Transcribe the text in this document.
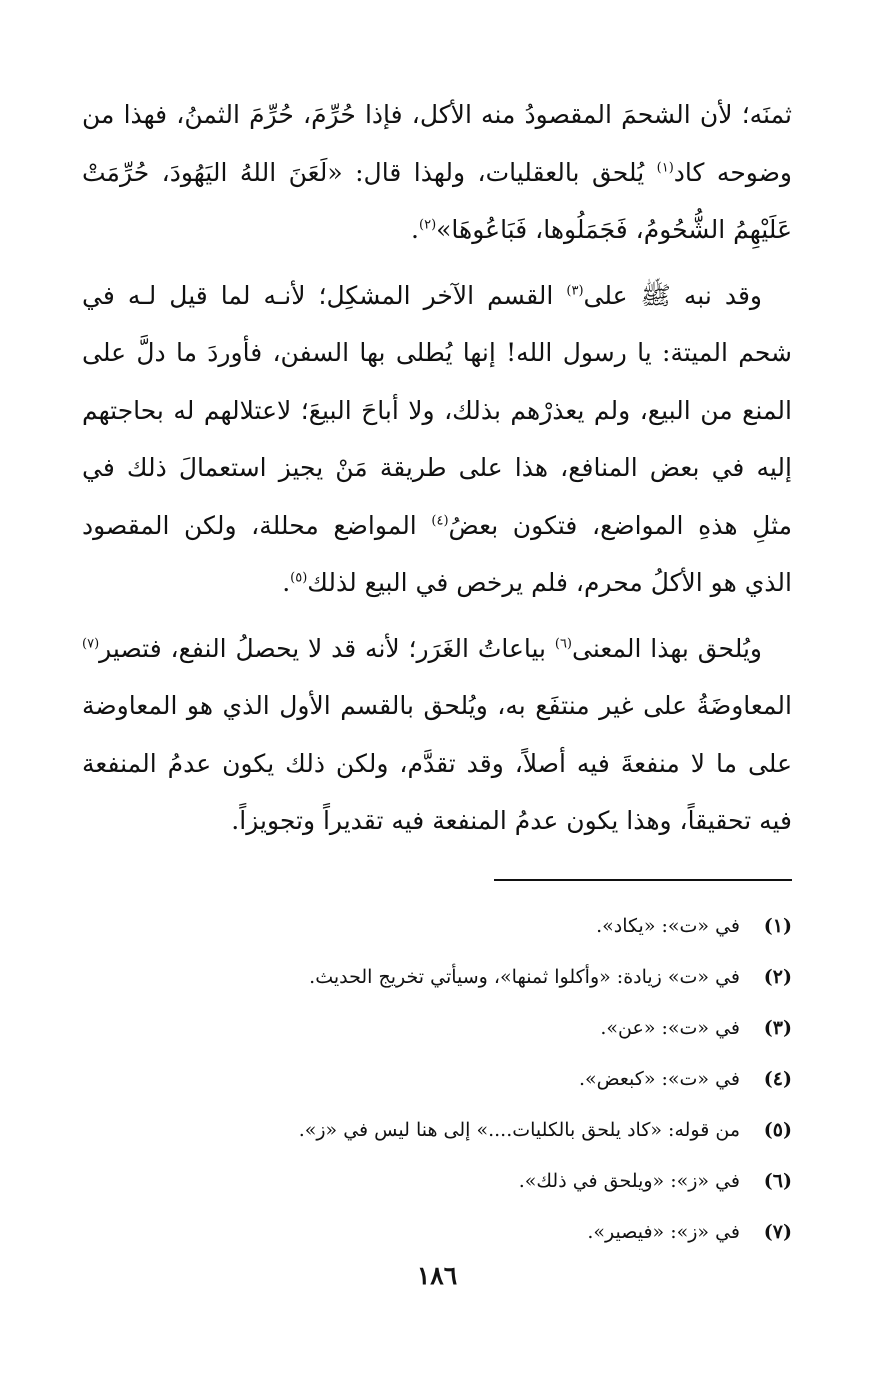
ثمنَه؛ لأن الشحمَ المقصودُ منه الأكل، فإذا حُرِّمَ، حُرِّمَ الثمنُ، فهذا من وضوحه كاد$^{(١)}$ يُلحق بالعقليات، ولهذا قال: «لَعَنَ اللهُ اليَهُودَ، حُرِّمَتْ عَلَيْهِمُ الشُّحُومُ، فَجَمَلُوها، فَبَاعُوهَا»$^{(٢)}$.

وقد نبه ﷺ على$^{(٣)}$ القسم الآخر المشكِل؛ لأنـه لما قيل لـه في شحم الميتة: يا رسول الله! إنها يُطلى بها السفن، فأوردَ ما دلَّ على المنع من البيع، ولم يعذرْهم بذلك، ولا أباحَ البيعَ؛ لاعتلالهم له بحاجتهم إليه في بعض المنافع، هذا على طريقة مَنْ يجيز استعمالَ ذلك في مثلِ هذهِ المواضع، فتكون بعضُ$^{(٤)}$ المواضع محللة، ولكن المقصود الذي هو الأكلُ محرم، فلم يرخص في البيع لذلك$^{(٥)}$.

ويُلحق بهذا المعنى$^{(٦)}$ بياعاتُ الغَرَر؛ لأنه قد لا يحصلُ النفع، فتصير$^{(٧)}$ المعاوضَةُ على غير منتفَع به، ويُلحق بالقسم الأول الذي هو المعاوضة على ما لا منفعةَ فيه أصلاً، وقد تقدَّم، ولكن ذلك يكون عدمُ المنفعة فيه تحقيقاً، وهذا يكون عدمُ المنفعة فيه تقديراً وتجويزاً.

(١)
في «ت»: «يكاد».
(٢)
في «ت» زيادة: «وأكلوا ثمنها»، وسيأتي تخريج الحديث.
(٣)
في «ت»: «عن».
(٤)
في «ت»: «كبعض».
(٥)
من قوله: «كاد يلحق بالكليات....» إلى هنا ليس في «ز».
(٦)
في «ز»: «ويلحق في ذلك».
(٧)
في «ز»: «فيصير».
١٨٦
